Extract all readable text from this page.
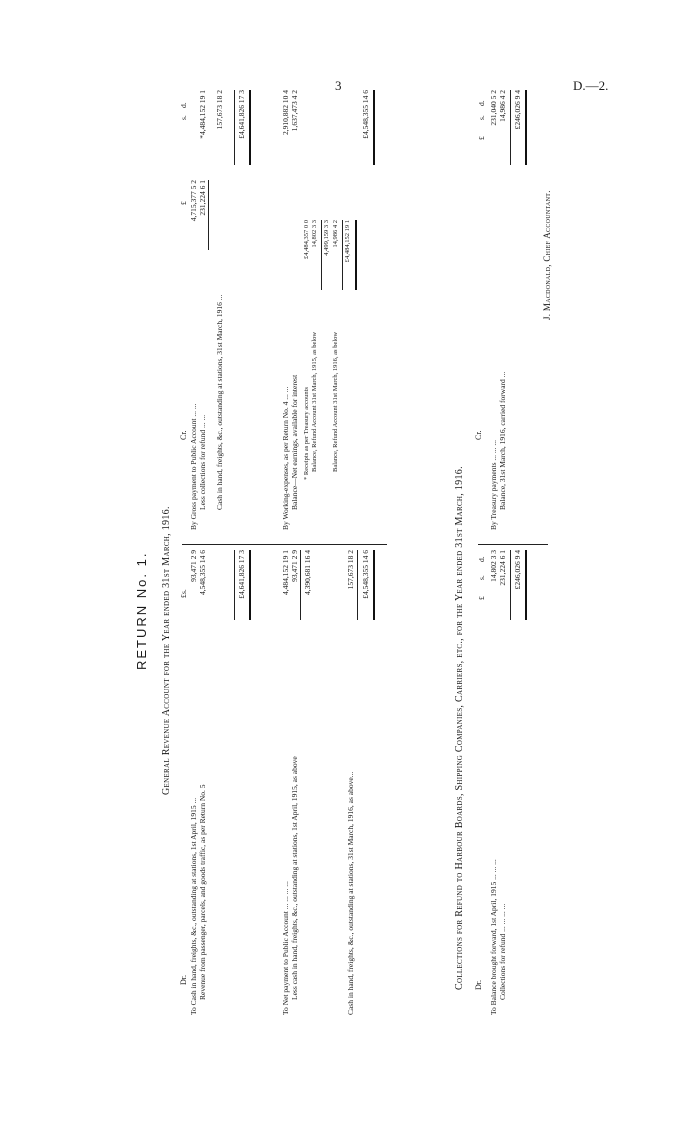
3	D.—2.
RETURN No. 1. General Revenue Account for the Year ended 31st March, 1916.
Dr.
Cr.
£
s.
£
s.
d.
To Cash in hand, freights, &c., outstanding at stations, 1st April, 1915 ...
93,471 2 9
Revenue from passenger, parcels, and goods traffic, as per Return No. 5
4,548,355 14 6	£4,641,826 17 3
To Net payment to Public Account ... ... ... ...
4,484,152 19 1
Less cash in hand, freights, &c., outstanding at stations, 1st April, 1915, as above
93,471 2 9 4,390,681 16 4
Cash in hand, freights, &c., outstanding at stations, 31st March, 1916, as above...
157,673 18 2 £4,548,355 14 6
By Gross payment to Public Account ... ...
4,715,377 5 2
Less collections for refund ... ...
231,224 6 1
*4,484,152 19 1
Cash in hand, freights, &c., outstanding at stations, 31st March, 1916 ...
157,673 18 2 £4,641,826 17 3
By Working-expenses, as per Return No. 4 ... ...
2,910,882 10 4
Balance—Net earnings, available for interest
1,637,473 4 2
* Receipts as per Treasury accounts
£4,484,357 0 0
Balance, Refund Account 31st March, 1915, as below
14,802 3 3 4,499,159 3 3
Balance, Refund Account 31st March, 1916, as below
14,986 4 2 £4,484,152 19 1
£4,548,355 14 6
Collections for Refund to Harbour Boards, Shipping Companies, Carriers, etc., for the Year ended 31st March, 1916. Dr.
Cr.
£
s.
d.
£
s.
d.
To Balance brought forward, 1st April, 1915 ... ... ...
14,802 3 3
Collections for refund ... ... ... ...
231,224 6 1 £246,026 9 4
By Treasury payments ... ... ...
231,040 5 2
Balance, 31st March, 1916, carried forward ...
14,986 4 2 £246,026 9 4
J. Macdonald, Chief Accountant.
